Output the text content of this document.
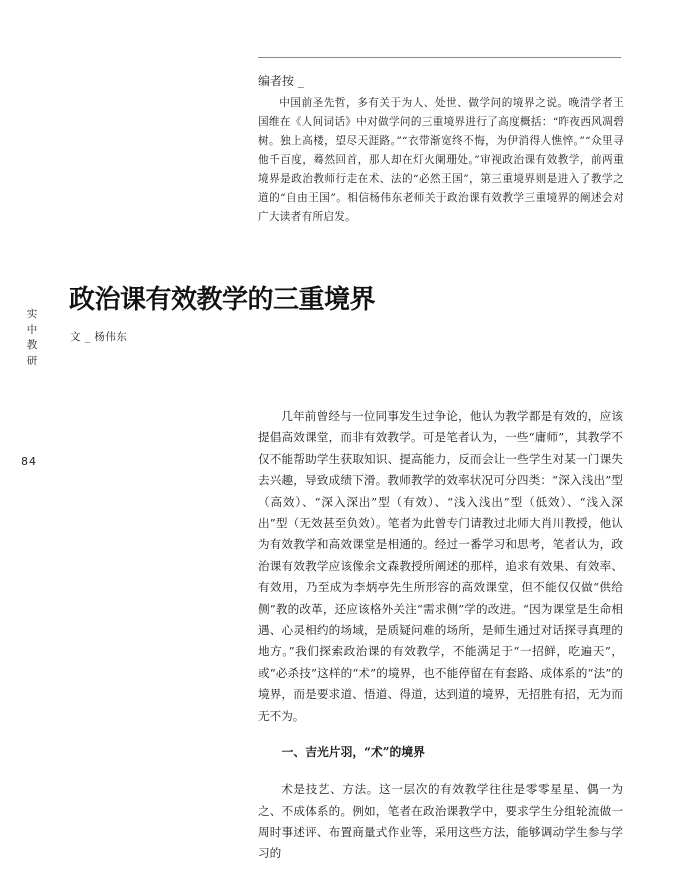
编者按 _

中国前圣先哲，多有关于为人、处世、做学问的境界之说。晚清学者王国维在《人间词话》中对做学问的三重境界进行了高度概括：“昨夜西风凋碧树。独上高楼，望尽天涯路。”“衣带渐宽终不悔，为伊消得人憔悴。”“众里寻他千百度，蓦然回首，那人却在灯火阑珊处。”审视政治课有效教学，前两重境界是政治教师行走在术、法的“必然王国”，第三重境界则是进入了教学之道的“自由王国”。相信杨伟东老师关于政治课有效教学三重境界的阐述会对广大读者有所启发。

实
中
教
研
84
政治课有效教学的三重境界
文 _ 杨伟东

几年前曾经与一位同事发生过争论，他认为教学都是有效的，应该提倡高效课堂，而非有效教学。可是笔者认为，一些“庸师”，其教学不仅不能帮助学生获取知识、提高能力，反而会让一些学生对某一门课失去兴趣，导致成绩下滑。教师教学的效率状况可分四类：“深入浅出”型（高效）、“深入深出”型（有效）、“浅入浅出”型（低效）、“浅入深出”型（无效甚至负效）。笔者为此曾专门请教过北师大肖川教授，他认为有效教学和高效课堂是相通的。经过一番学习和思考，笔者认为，政治课有效教学应该像余文森教授所阐述的那样，追求有效果、有效率、有效用，乃至成为李炳亭先生所形容的高效课堂，但不能仅仅做“供给侧”教的改革，还应该格外关注“需求侧”学的改进。“因为课堂是生命相遇、心灵相约的场域，是质疑问难的场所，是师生通过对话探寻真理的地方。”我们探索政治课的有效教学，不能满足于“一招鲜，吃遍天”，或“必杀技”这样的“术”的境界，也不能停留在有套路、成体系的“法”的境界，而是要求道、悟道、得道，达到道的境界，无招胜有招，无为而无不为。

一、吉光片羽，“术”的境界

术是技艺、方法。这一层次的有效教学往往是零零星星、偶一为之、不成体系的。例如，笔者在政治课教学中，要求学生分组轮流做一周时事述评、布置商量式作业等，采用这些方法，能够调动学生参与学习的
